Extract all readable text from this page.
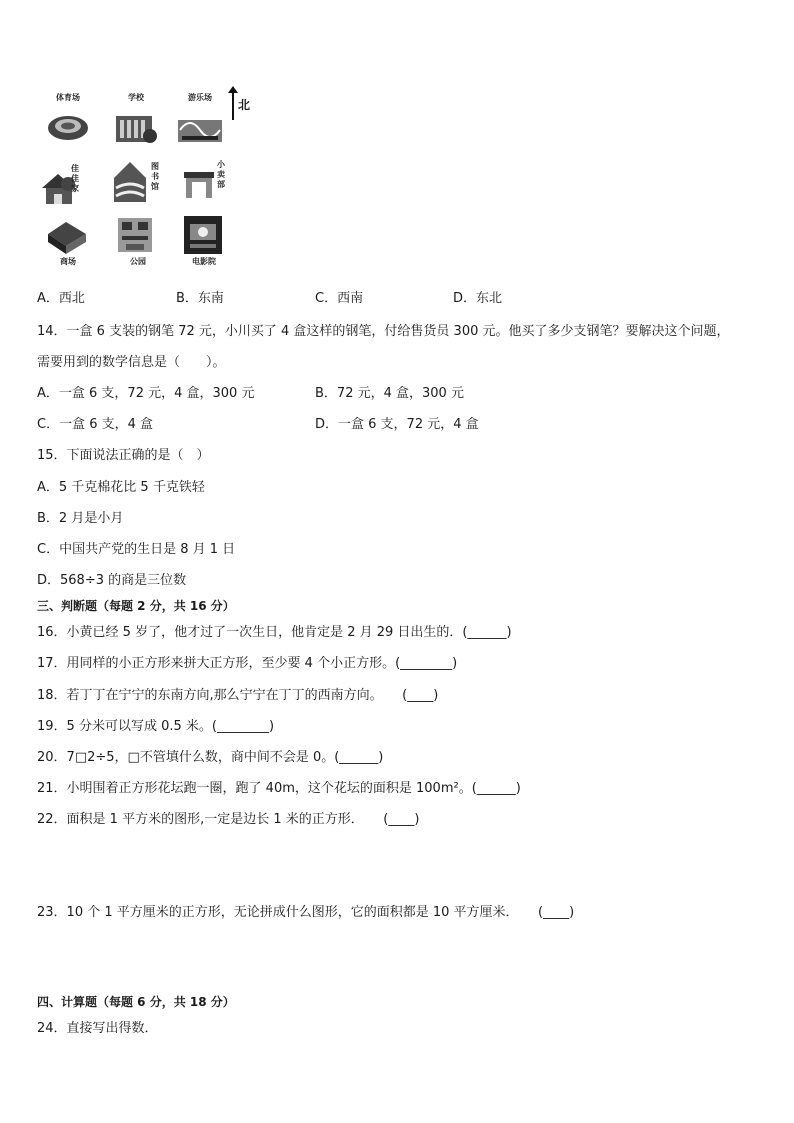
体育场	学校	游乐场
北
佳佳家
图书馆
小卖部
商场	公园	电影院
A．西北	B．东南	C．西南	D．东北
14．一盒 6 支装的钢笔 72 元，小川买了 4 盒这样的钢笔，付给售货员 300 元。他买了多少支钢笔？要解决这个问题，
需要用到的数学信息是（　　）。
A．一盒 6 支，72 元，4 盒，300 元	B．72 元，4 盒，300 元
C．一盒 6 支，4 盒	D．一盒 6 支，72 元，4 盒
15．下面说法正确的是（　）
A．5 千克棉花比 5 千克铁轻
B．2 月是小月
C．中国共产党的生日是 8 月 1 日
D．568÷3 的商是三位数
三、判断题（每题 2 分，共 16 分）
16．小黄已经 5 岁了，他才过了一次生日，他肯定是 2 月 29 日出生的．(______)
17．用同样的小正方形来拼大正方形，至少要 4 个小正方形。(________)
18．若丁丁在宁宁的东南方向,那么宁宁在丁丁的西南方向。　　(____)
19．5 分米可以写成 0.5 米。(________)
20．7□2÷5，□不管填什么数，商中间不会是 0。(______)
21．小明围着正方形花坛跑一圈，跑了 40m，这个花坛的面积是 100m²。(______)
22．面积是 1 平方米的图形,一定是边长 1 米的正方形．　　(____)
23．10 个 1 平方厘米的正方形，无论拼成什么图形，它的面积都是 10 平方厘米．　　(____)
四、计算题（每题 6 分，共 18 分）
24．直接写出得数．
